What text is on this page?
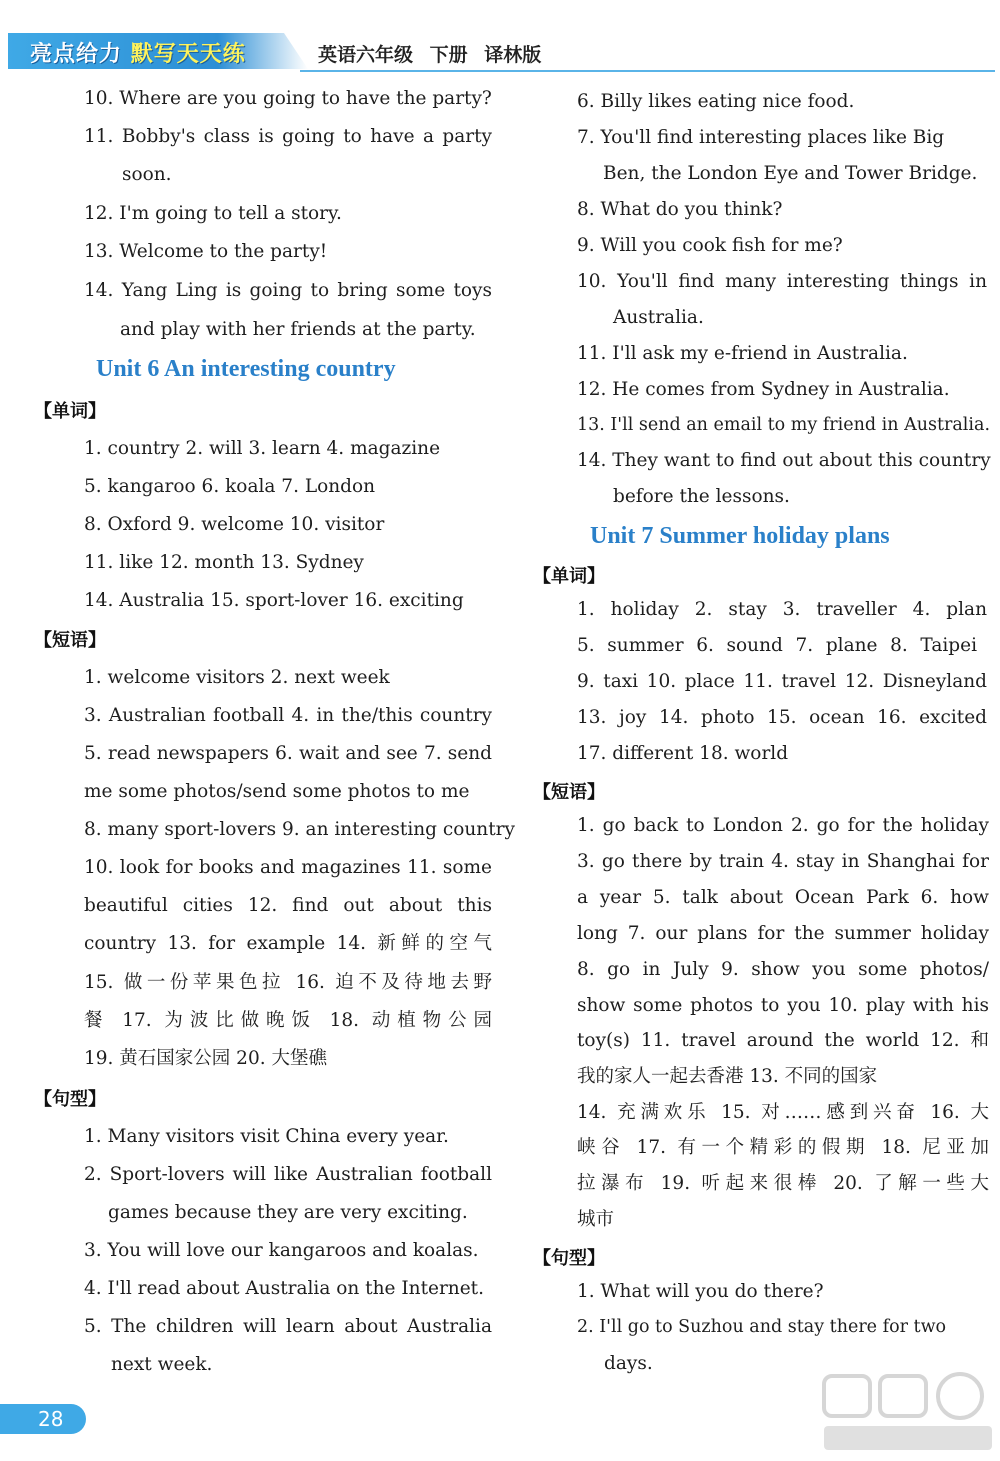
亮点给力 默写天天练	英语六年级 下册 译林版
10. Where are you going to have the party?
11. Bobby's class is going to have a party
soon.
12. I'm going to tell a story.
13. Welcome to the party!
14. Yang Ling is going to bring some toys
and play with her friends at the party.
Unit 6 An interesting country
【单词】
1. country 2. will 3. learn 4. magazine
5. kangaroo 6. koala 7. London
8. Oxford 9. welcome 10. visitor
11. like 12. month 13. Sydney
14. Australia 15. sport-lover 16. exciting
【短语】
1. welcome visitors 2. next week
3. Australian football 4. in the/this country
5. read newspapers 6. wait and see 7. send
me some photos/send some photos to me
8. many sport-lovers 9. an interesting country
10. look for books and magazines 11. some
beautiful cities 12. find out about this
country 13. for example 14. 新鲜的空气
15. 做一份苹果色拉 16. 迫不及待地去野
餐 17. 为波比做晚饭 18. 动植物公园
19. 黄石国家公园 20. 大堡礁
【句型】
1. Many visitors visit China every year.
2. Sport-lovers will like Australian football
games because they are very exciting.
3. You will love our kangaroos and koalas.
4. I'll read about Australia on the Internet.
5. The children will learn about Australia
next week.
6. Billy likes eating nice food.
7. You'll find interesting places like Big
Ben, the London Eye and Tower Bridge.
8. What do you think?
9. Will you cook fish for me?
10. You'll find many interesting things in
Australia.
11. I'll ask my e-friend in Australia.
12. He comes from Sydney in Australia.
13. I'll send an email to my friend in Australia.
14. They want to find out about this country
before the lessons.
Unit 7 Summer holiday plans
【单词】
1. holiday 2. stay 3. traveller 4. plan
5. summer 6. sound 7. plane 8. Taipei
9. taxi 10. place 11. travel 12. Disneyland
13. joy 14. photo 15. ocean 16. excited
17. different 18. world
【短语】
1. go back to London 2. go for the holiday
3. go there by train 4. stay in Shanghai for
a year 5. talk about Ocean Park 6. how
long 7. our plans for the summer holiday
8. go in July 9. show you some photos/
show some photos to you 10. play with his
toy(s) 11. travel around the world 12. 和
我的家人一起去香港 13. 不同的国家
14. 充满欢乐 15. 对……感到兴奋 16. 大
峡谷 17. 有一个精彩的假期 18. 尼亚加
拉瀑布 19. 听起来很棒 20. 了解一些大
城市
【句型】
1. What will you do there?
2. I'll go to Suzhou and stay there for two
days.
28
